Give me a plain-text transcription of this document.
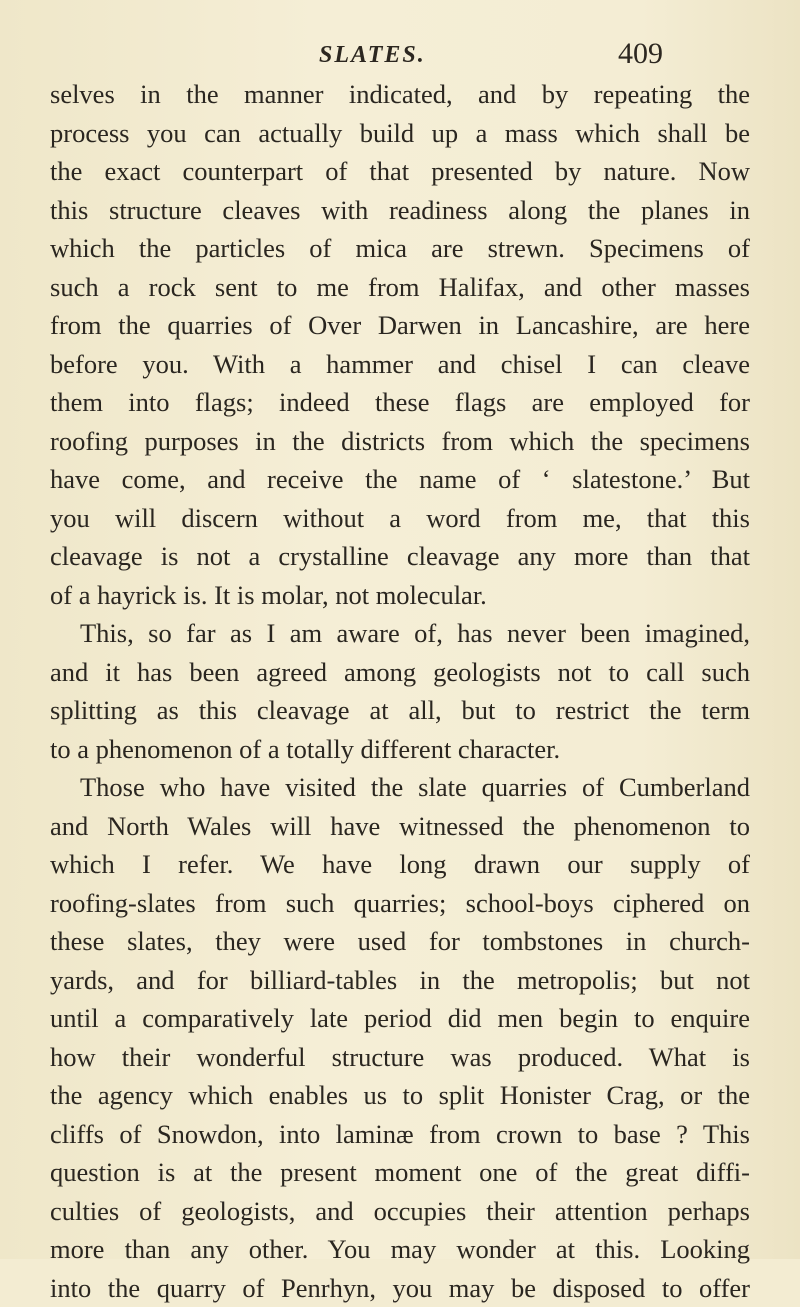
SLATES.	409
selves in the manner indicated, and by repeating the
process you can actually build up a mass which shall be
the exact counterpart of that presented by nature. Now
this structure cleaves with readiness along the planes in
which the particles of mica are strewn. Specimens of
such a rock sent to me from Halifax, and other masses
from the quarries of Over Darwen in Lancashire, are here
before you. With a hammer and chisel I can cleave
them into flags; indeed these flags are employed for
roofing purposes in the districts from which the specimens
have come, and receive the name of ‘ slatestone.’ But
you will discern without a word from me, that this
cleavage is not a crystalline cleavage any more than that
of a hayrick is. It is molar, not molecular.
This, so far as I am aware of, has never been imagined,
and it has been agreed among geologists not to call such
splitting as this cleavage at all, but to restrict the term
to a phenomenon of a totally different character.
Those who have visited the slate quarries of Cumberland
and North Wales will have witnessed the phenomenon to
which I refer. We have long drawn our supply of
roofing-slates from such quarries; school-boys ciphered on
these slates, they were used for tombstones in church-
yards, and for billiard-tables in the metropolis; but not
until a comparatively late period did men begin to enquire
how their wonderful structure was produced. What is
the agency which enables us to split Honister Crag, or the
cliffs of Snowdon, into laminæ from crown to base ? This
question is at the present moment one of the great diffi-
culties of geologists, and occupies their attention perhaps
more than any other. You may wonder at this. Looking
into the quarry of Penrhyn, you may be disposed to offer
